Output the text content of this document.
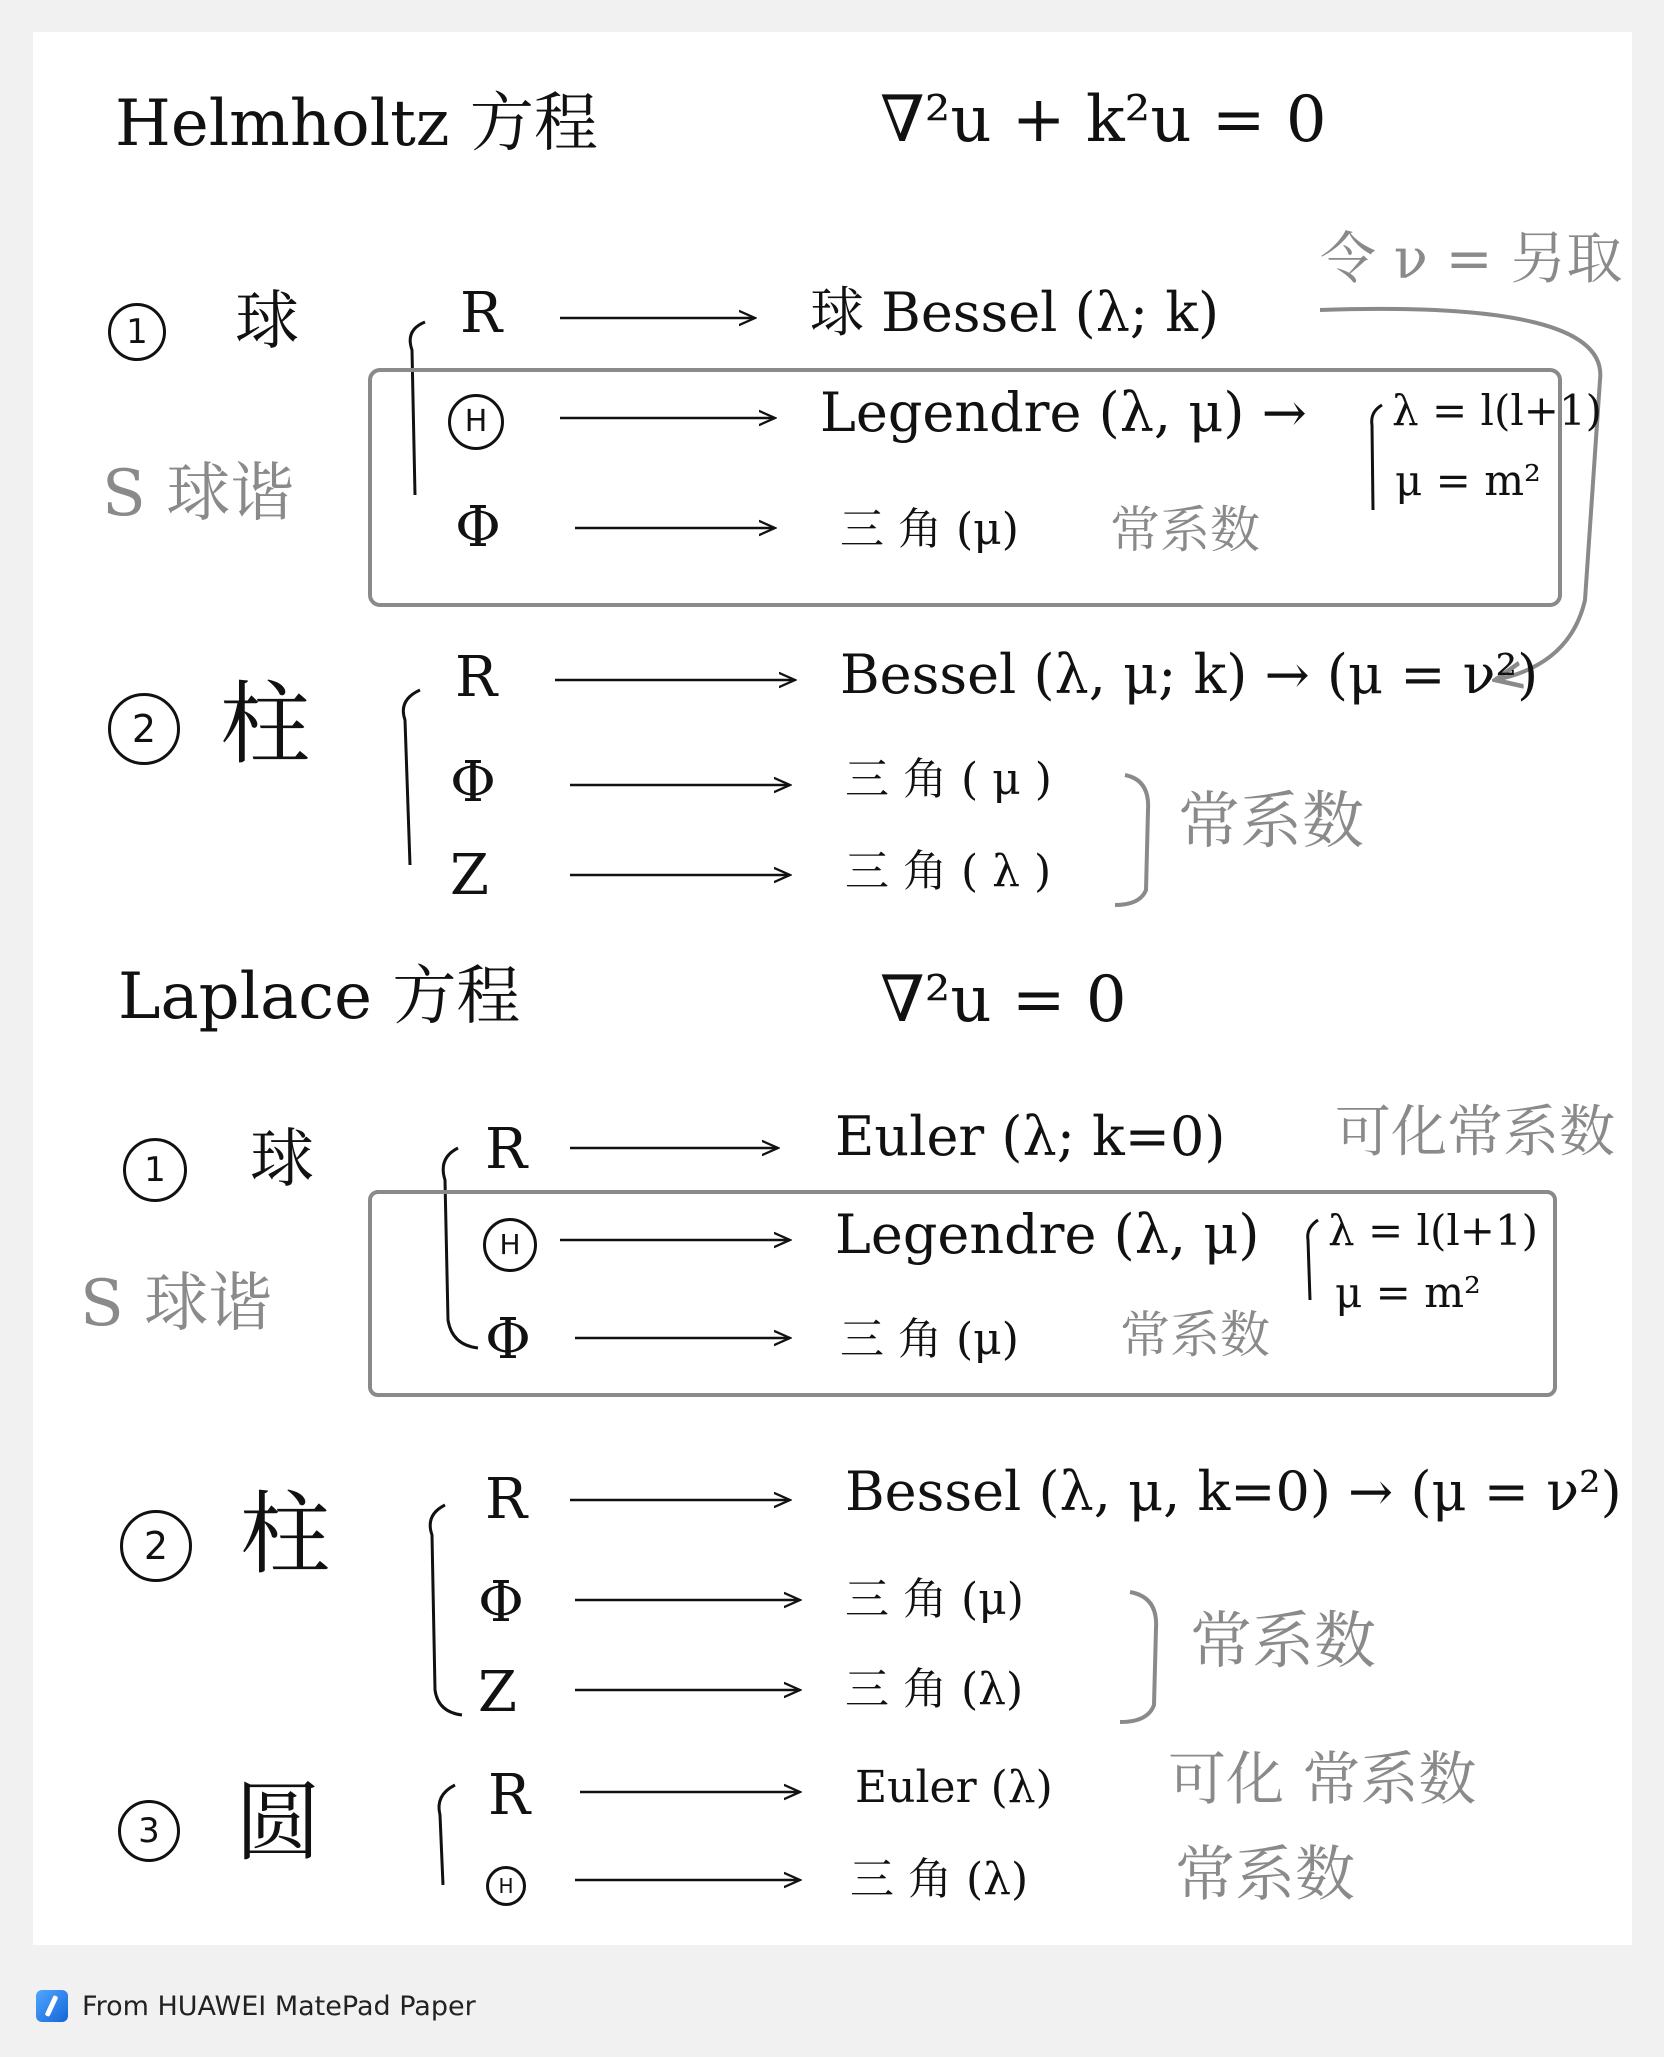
Helmholtz 方程	∇²u + k²u = 0
1 球
S 球谐
令 ν = 另取
R	球 Bessel (λ; k)
H	Legendre (λ, μ) → λ = l(l+1)
μ = m²
Φ	三 角 (μ) 常系数
2 柱	R	Bessel (λ, μ; k) → (μ = ν²)
Φ	三 角 ( μ )
Z	三 角 ( λ )
常系数
Laplace 方程	∇²u = 0
1	球
S 球谐
R	Euler (λ; k=0) 可化常系数
H	Legendre (λ, μ) λ = l(l+1)
μ = m²
Φ	三 角 (μ) 常系数
2 柱	R	Bessel (λ, μ, k=0) → (μ = ν²)
Φ	三 角 (μ)
Z	三 角 (λ)
常系数
3 圆	R	Euler (λ) 可化 常系数
H	三 角 (λ) 常系数
From HUAWEI MatePad Paper
